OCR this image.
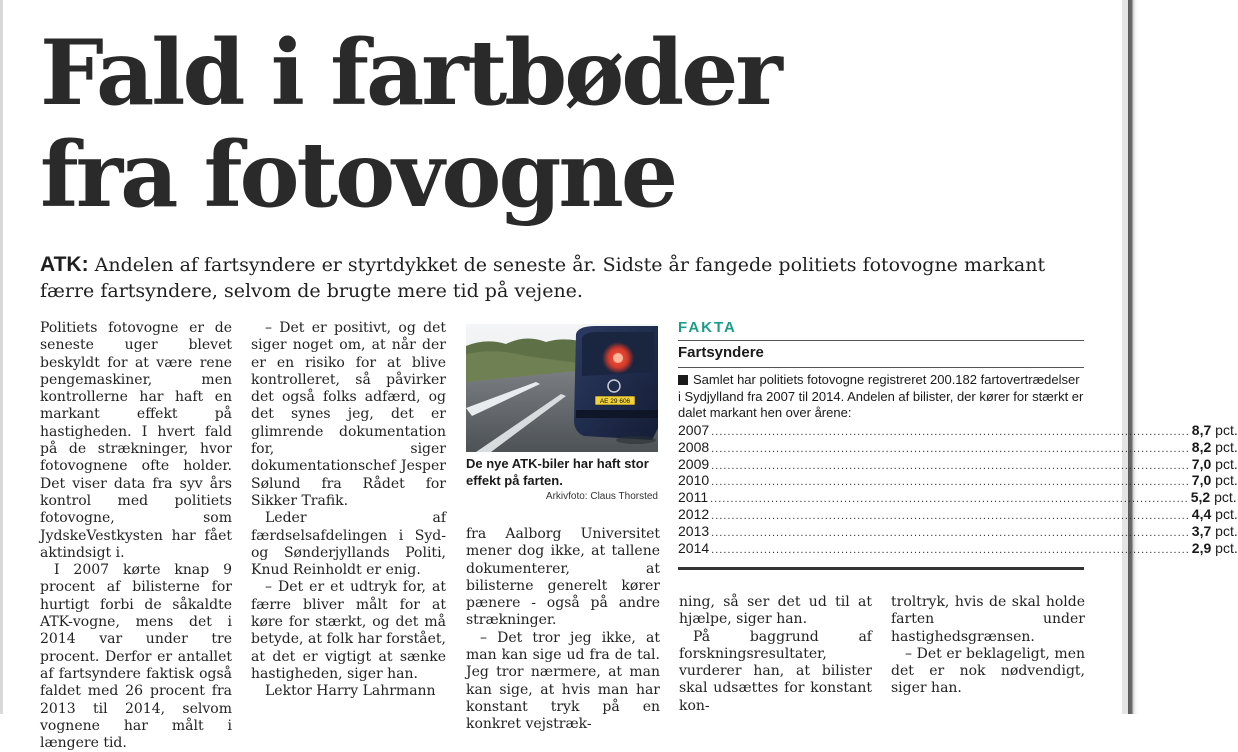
Fald i fartbøder
fra fotovogne

ATK: Andelen af fartsyndere er styrtdykket de seneste år. Sidste år fangede politiets fotovogne markant færre fartsyndere, selvom de brugte mere tid på vejene.

Politiets fotovogne er de seneste uger blevet beskyldt for at være rene pengemaskiner, men kontrollerne har haft en markant effekt på hastigheden. I hvert fald på de strækninger, hvor fotovognene ofte holder. Det viser data fra syv års kontrol med politiets fotovogne, som JydskeVestkysten har fået aktindsigt i.

I 2007 kørte knap 9 procent af bilisterne for hurtigt forbi de såkaldte ATK-vogne, mens det i 2014 var under tre procent. Derfor er antallet af fartsyndere faktisk også faldet med 26 procent fra 2013 til 2014, selvom vognene har målt i længere tid.

– Det er positivt, og det siger noget om, at når der er en risiko for at blive kontrolleret, så påvirker det også folks adfærd, og det synes jeg, det er glimrende dokumentation for, siger dokumentationschef Jesper Sølund fra Rådet for Sikker Trafik.

Leder af færdselsafdelingen i Syd- og Sønderjyllands Politi, Knud Reinholdt er enig.

– Det er et udtryk for, at færre bliver målt for at køre for stærkt, og det må betyde, at folk har forstået, at det er vigtigt at sænke hastigheden, siger han.

Lektor Harry Lahrmann

AE 29 606

De nye ATK-biler har haft stor effekt på farten.

Arkivfoto: Claus Thorsted

FAKTA
Fartsyndere

Samlet har politiets fotovogne registreret 200.182 fartovertrædelser i Sydjylland fra 2007 til 2014. Andelen af bilister, der kører for stærkt er dalet markant hen over årene:

2007 ...................................................................................................................... 8,7 pct.
2008 ...................................................................................................................... 8,2 pct.
2009 ...................................................................................................................... 7,0 pct.
2010 ...................................................................................................................... 7,0 pct.
2011 ...................................................................................................................... 5,2 pct.
2012 ...................................................................................................................... 4,4 pct.
2013 ...................................................................................................................... 3,7 pct.
2014 ...................................................................................................................... 2,9 pct.

fra Aalborg Universitet mener dog ikke, at tallene dokumenterer, at bilisterne generelt kører pænere - også på andre strækninger.

– Det tror jeg ikke, at man kan sige ud fra de tal. Jeg tror nærmere, at man kan sige, at hvis man har konstant tryk på en konkret vejstræk-

ning, så ser det ud til at hjælpe, siger han.

På baggrund af forskningsresultater, vurderer han, at bilister skal udsættes for konstant kon-

troltryk, hvis de skal holde farten under hastighedsgrænsen.

– Det er beklageligt, men det er nok nødvendigt, siger han.
